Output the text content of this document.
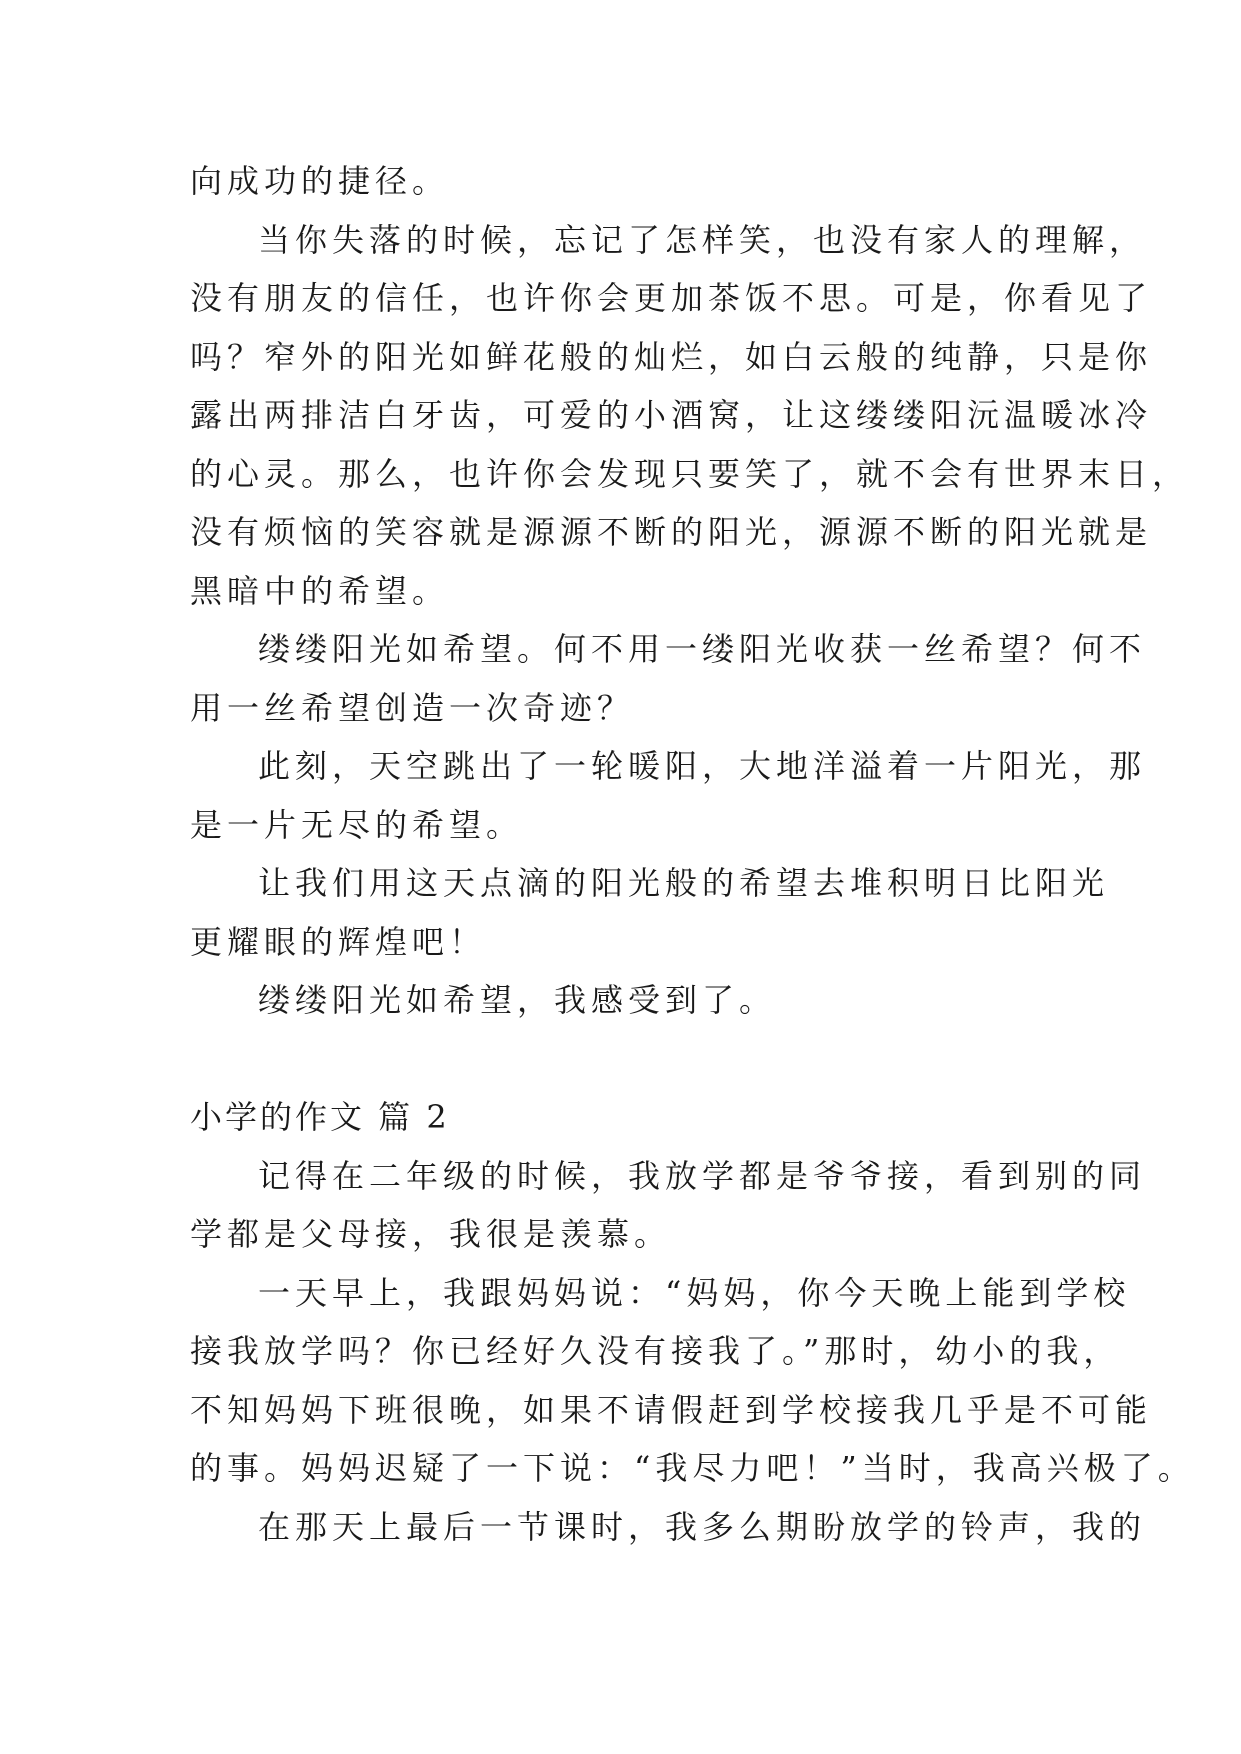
向成功的捷径。
当你失落的时候，忘记了怎样笑，也没有家人的理解，
没有朋友的信任，也许你会更加茶饭不思。可是，你看见了
吗？窄外的阳光如鲜花般的灿烂，如白云般的纯静，只是你
露出两排洁白牙齿，可爱的小酒窝，让这缕缕阳沅温暖冰冷
的心灵。那么，也许你会发现只要笑了，就不会有世界末日，
没有烦恼的笑容就是源源不断的阳光，源源不断的阳光就是
黑暗中的希望。
缕缕阳光如希望。何不用一缕阳光收获一丝希望？何不
用一丝希望创造一次奇迹？
此刻，天空跳出了一轮暖阳，大地洋溢着一片阳光，那
是一片无尽的希望。
让我们用这天点滴的阳光般的希望去堆积明日比阳光
更耀眼的辉煌吧！
缕缕阳光如希望，我感受到了。
小学的作文 篇 2
记得在二年级的时候，我放学都是爷爷接，看到别的同
学都是父母接，我很是羡慕。
一天早上，我跟妈妈说：“妈妈，你今天晚上能到学校
接我放学吗？你已经好久没有接我了。”那时，幼小的我，
不知妈妈下班很晚，如果不请假赶到学校接我几乎是不可能
的事。妈妈迟疑了一下说：“我尽力吧！”当时，我高兴极了。
在那天上最后一节课时，我多么期盼放学的铃声，我的
